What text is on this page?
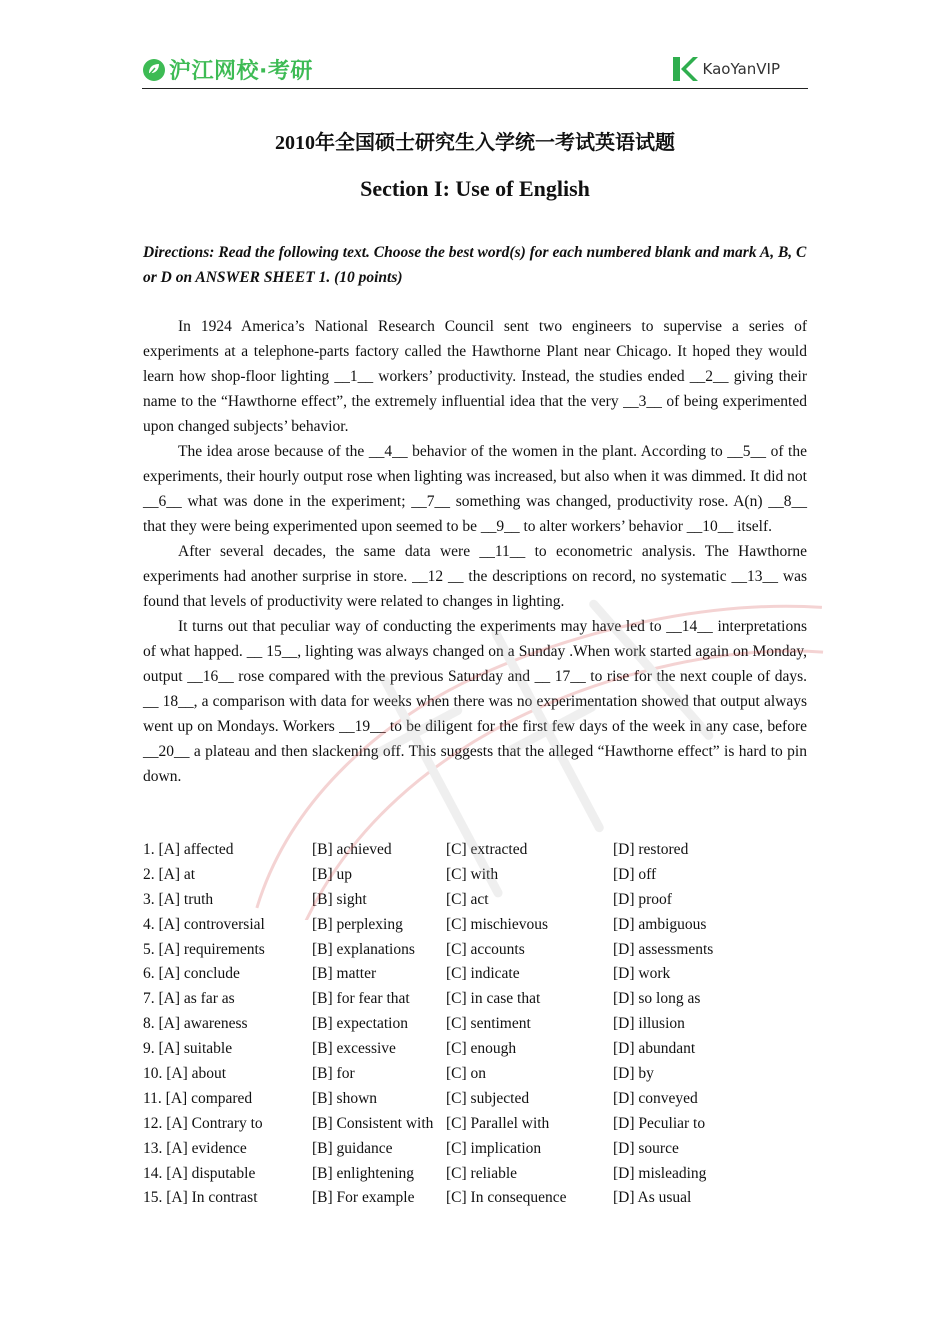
沪江网校·考研	KaoYanVIP
2010年全国硕士研究生入学统一考试英语试题
Section I: Use of English
Directions: Read the following text. Choose the best word(s) for each numbered blank and mark A, B, C or D on ANSWER SHEET 1. (10 points)

In 1924 America’s National Research Council sent two engineers to supervise a series of experiments at a telephone-parts factory called the Hawthorne Plant near Chicago. It hoped they would learn how shop-floor lighting __1__ workers’ productivity. Instead, the studies ended __2__ giving their name to the “Hawthorne effect”, the extremely influential idea that the very __3__ of being experimented upon changed subjects’ behavior.

The idea arose because of the __4__ behavior of the women in the plant. According to __5__ of the experiments, their hourly output rose when lighting was increased, but also when it was dimmed. It did not __6__ what was done in the experiment; __7__ something was changed, productivity rose. A(n) __8__ that they were being experimented upon seemed to be __9__ to alter workers’ behavior __10__ itself.

After several decades, the same data were __11__ to econometric analysis. The Hawthorne experiments had another surprise in store. __12 __ the descriptions on record, no systematic __13__ was found that levels of productivity were related to changes in lighting.

It turns out that peculiar way of conducting the experiments may have led to __14__ interpretations of what happed. __ 15__, lighting was always changed on a Sunday .When work started again on Monday, output __16__ rose compared with the previous Saturday and __ 17__ to rise for the next couple of days. __ 18__, a comparison with data for weeks when there was no experimentation showed that output always went up on Mondays. Workers __19__ to be diligent for the first few days of the week in any case, before __20__ a plateau and then slackening off. This suggests that the alleged “Hawthorne effect” is hard to pin down.

1. [A] affected	[B] achieved	[C] extracted	[D] restored
2. [A] at	[B] up	[C] with	[D] off
3. [A] truth	[B] sight	[C] act	[D] proof
4. [A] controversial	[B] perplexing	[C] mischievous	[D] ambiguous
5. [A] requirements	[B] explanations [C] accounts	[D] assessments
6. [A] conclude	[B] matter	[C] indicate	[D] work
7. [A] as far as	[B] for fear that [C] in case that	[D] so long as
8. [A] awareness	[B] expectation [C] sentiment	[D] illusion
9. [A] suitable	[B] excessive	[C] enough	[D] abundant
10. [A] about	[B] for	[C] on	[D] by
11. [A] compared	[B] shown	[C] subjected	[D] conveyed
12. [A] Contrary to	[B] Consistent with [C] Parallel with	[D] Peculiar to
13. [A] evidence	[B] guidance	[C] implication	[D] source
14. [A] disputable	[B] enlightening [C] reliable	[D] misleading
15. [A] In contrast	[B] For example [C] In consequence	[D] As usual
